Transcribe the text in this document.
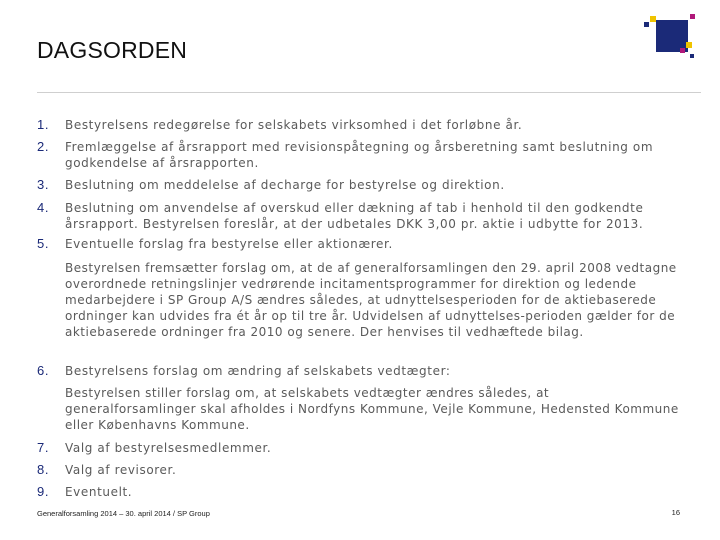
DAGSORDEN
1. Bestyrelsens redegørelse for selskabets virksomhed i det forløbne år.
2. Fremlæggelse af årsrapport med revisionspåtegning og årsberetning samt beslutning om godkendelse af årsrapporten.
3. Beslutning om meddelelse af decharge for bestyrelse og direktion.
4. Beslutning om anvendelse af overskud eller dækning af tab i henhold til den godkendte årsrapport. Bestyrelsen foreslår, at der udbetales DKK 3,00 pr. aktie i udbytte for 2013.
5. Eventuelle forslag fra bestyrelse eller aktionærer.
Bestyrelsen fremsætter forslag om, at de af generalforsamlingen den 29. april 2008 vedtagne overordnede retningslinjer vedrørende incitamentsprogrammer for direktion og ledende medarbejdere i SP Group A/S ændres således, at udnyttelsesperioden for de aktiebaserede ordninger kan udvides fra ét år op til tre år. Udvidelsen af udnyttelses-perioden gælder for de aktiebaserede ordninger fra 2010 og senere. Der henvises til vedhæftede bilag.
6. Bestyrelsens forslag om ændring af selskabets vedtægter:
Bestyrelsen stiller forslag om, at selskabets vedtægter ændres således, at generalforsamlinger skal afholdes i Nordfyns Kommune, Vejle Kommune, Hedensted Kommune eller Københavns Kommune.
7. Valg af bestyrelsesmedlemmer.
8. Valg af revisorer.
9. Eventuelt.
Generalforsamling 2014 – 30. april 2014 / SP Group	16
